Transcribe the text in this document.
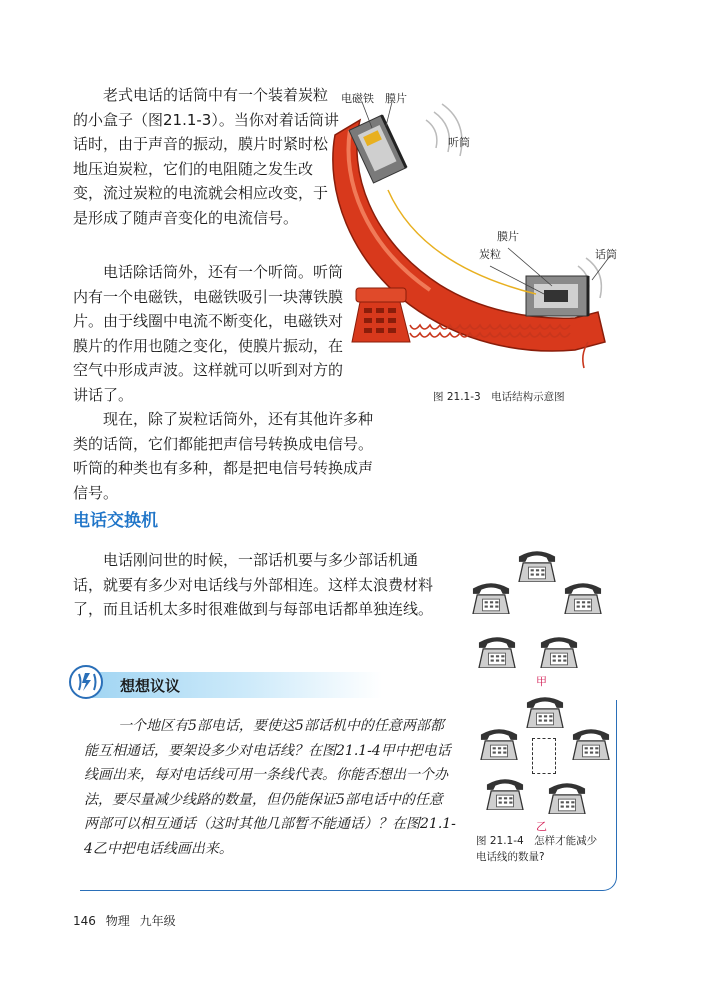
老式电话的话筒中有一个装着炭粒的小盒子（图21.1-3）。当你对着话筒讲话时，由于声音的振动，膜片时紧时松地压迫炭粒，它们的电阻随之发生改变，流过炭粒的电流就会相应改变，于是形成了随声音变化的电流信号。

电话除话筒外，还有一个听筒。听筒内有一个电磁铁，电磁铁吸引一块薄铁膜片。由于线圈中电流不断变化，电磁铁对膜片的作用也随之变化，使膜片振动，在空气中形成声波。这样就可以听到对方的讲话了。

现在，除了炭粒话筒外，还有其他许多种类的话筒，它们都能把声信号转换成电信号。听筒的种类也有多种，都是把电信号转换成声信号。

电磁铁 膜片
听筒
膜片
炭粒	话筒
图 21.1-3　电话结构示意图
电话交换机

电话刚问世的时候，一部话机要与多少部话机通话，就要有多少对电话线与外部相连。这样太浪费材料了，而且话机太多时很难做到与每部电话都单独连线。

甲
乙
图 21.1-4　怎样才能减少电话线的数量?
想想议议

一个地区有5部电话，要使这5部话机中的任意两部都能互相通话，要架设多少对电话线？在图21.1-4甲中把电话线画出来，每对电话线可用一条线代表。你能否想出一个办法，要尽量减少线路的数量，但仍能保证5部电话中的任意两部可以相互通话（这时其他几部暂不能通话）？在图21.1-4乙中把电话线画出来。

146 物理 九年级
